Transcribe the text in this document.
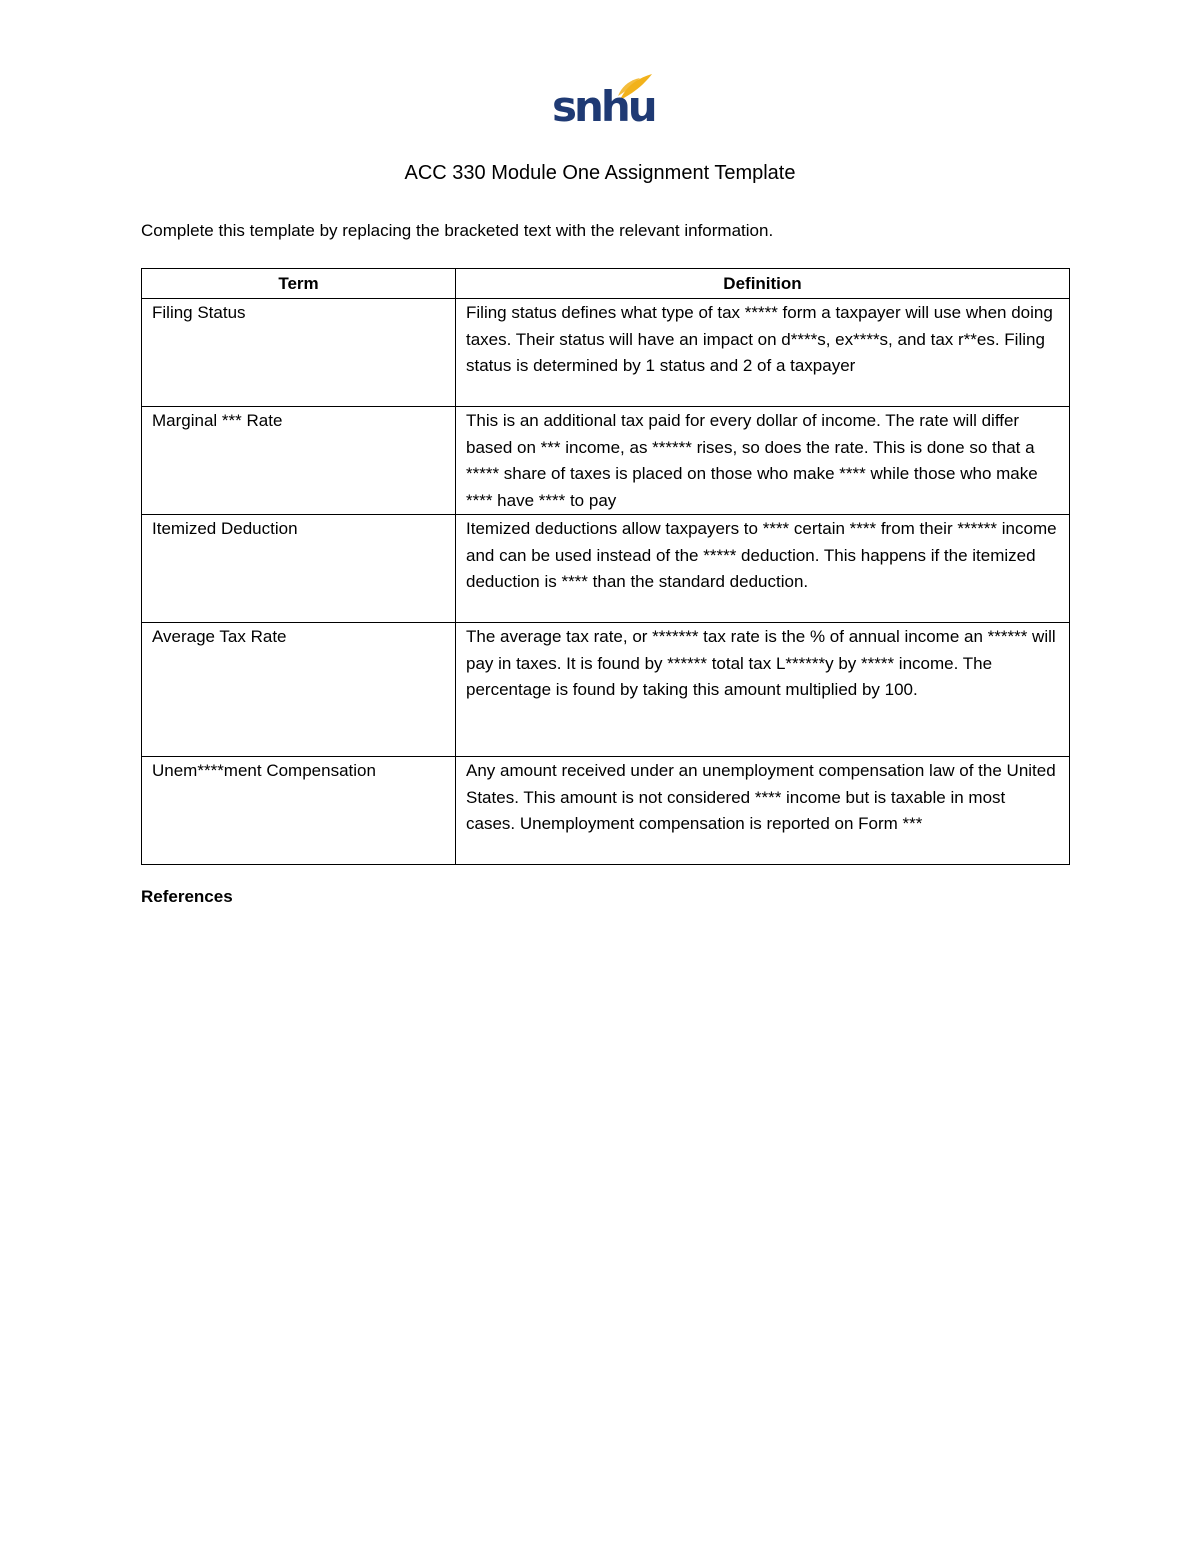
snhu
ACC 330 Module One Assignment Template
Complete this template by replacing the bracketed text with the relevant information.
Term	Definition
Filing Status	Filing status defines what type of tax ***** form a taxpayer will use when doing taxes. Their status will have an impact on d****s, ex****s, and tax r**es. Filing status is determined by 1 status and 2 of a taxpayer
Marginal *** Rate	This is an additional tax paid for every dollar of income. The rate will differ based on *** income, as ****** rises, so does the rate. This is done so that a ***** share of taxes is placed on those who make **** while those who make **** have **** to pay
Itemized Deduction	Itemized deductions allow taxpayers to **** certain **** from their ****** income and can be used instead of the ***** deduction. This happens if the itemized deduction is **** than the standard deduction.
Average Tax Rate	The average tax rate, or ******* tax rate is the % of annual income an ****** will pay in taxes. It is found by ****** total tax L******y by ***** income. The percentage is found by taking this amount multiplied by 100.
Unem****ment Compensation	Any amount received under an unemployment compensation law of the United States. This amount is not considered **** income but is taxable in most cases. Unemployment compensation is reported on Form ***
References
